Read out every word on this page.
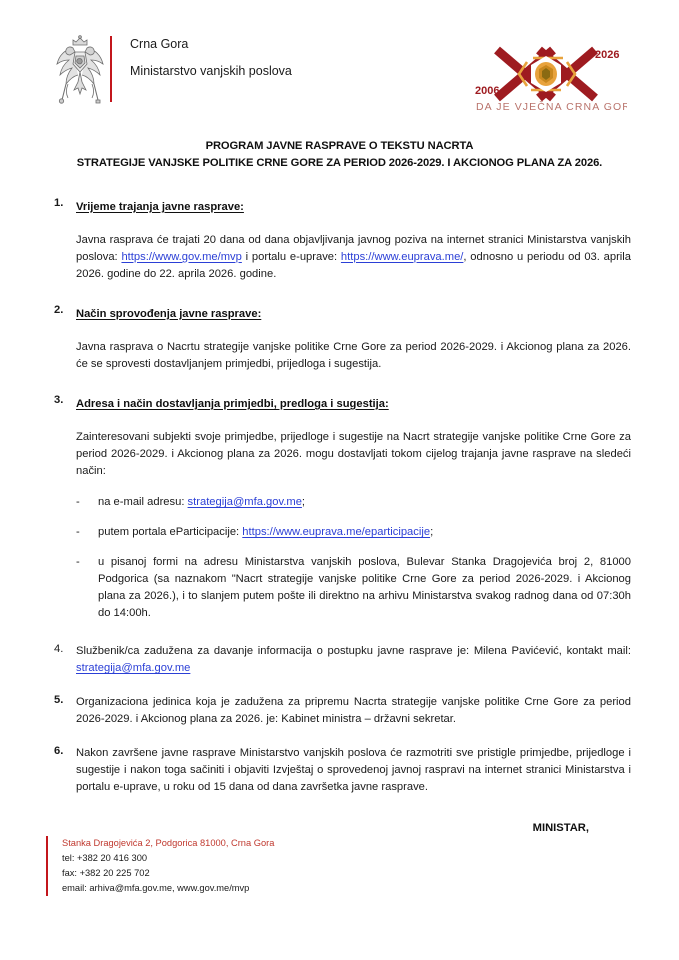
Crna Gora
Ministarstvo vanjskih poslova
2006
2026
DA JE VJEČNA CRNA GORA
PROGRAM JAVNE RASPRAVE O TEKSTU NACRTA
STRATEGIJE VANJSKE POLITIKE CRNE GORE ZA PERIOD 2026-2029. I AKCIONOG PLANA ZA 2026.
1.	Vrijeme trajanja javne rasprave:
Javna rasprava će trajati 20 dana od dana objavljivanja javnog poziva na internet stranici Ministarstva vanjskih poslova: https://www.gov.me/mvp i portalu e-uprave: https://www.euprava.me/, odnosno u periodu od 03. aprila 2026. godine do 22. aprila 2026. godine.
2.	Način sprovođenja javne rasprave:
Javna rasprava o Nacrtu strategije vanjske politike Crne Gore za period 2026-2029. i Akcionog plana za 2026. će se sprovesti dostavljanjem primjedbi, prijedloga i sugestija.
3.	Adresa i način dostavljanja primjedbi, predloga i sugestija:
Zainteresovani subjekti svoje primjedbe, prijedloge i sugestije na Nacrt strategije vanjske politike Crne Gore za period 2026-2029. i Akcionog plana za 2026. mogu dostavljati tokom cijelog trajanja javne rasprave na sledeći način:
-	na e-mail adresu: strategija@mfa.gov.me;
-	putem portala eParticipacije: https://www.euprava.me/eparticipacije;
-	u pisanoj formi na adresu Ministarstva vanjskih poslova, Bulevar Stanka Dragojevića broj 2, 81000 Podgorica (sa naznakom "Nacrt strategije vanjske politike Crne Gore za period 2026-2029. i Akcionog plana za 2026.), i to slanjem putem pošte ili direktno na arhivu Ministarstva svakog radnog dana od 07:30h do 14:00h.
4.	Službenik/ca zadužena za davanje informacija o postupku javne rasprave je: Milena Pavićević, kontakt mail: strategija@mfa.gov.me
5.	Organizaciona jedinica koja je zadužena za pripremu Nacrta strategije vanjske politike Crne Gore za period 2026-2029. i Akcionog plana za 2026. je: Kabinet ministra – državni sekretar.
6.	Nakon završene javne rasprave Ministarstvo vanjskih poslova će razmotriti sve pristigle primjedbe, prijedloge i sugestije i nakon toga sačiniti i objaviti Izvještaj o sprovedenoj javnoj raspravi na internet stranici Ministarstva i portalu e-uprave, u roku od 15 dana od dana završetka javne rasprave.
MINISTAR,
Stanka Dragojevića 2, Podgorica 81000, Crna Gora
tel: +382 20 416 300
fax: +382 20 225 702
email: arhiva@mfa.gov.me, www.gov.me/mvp
